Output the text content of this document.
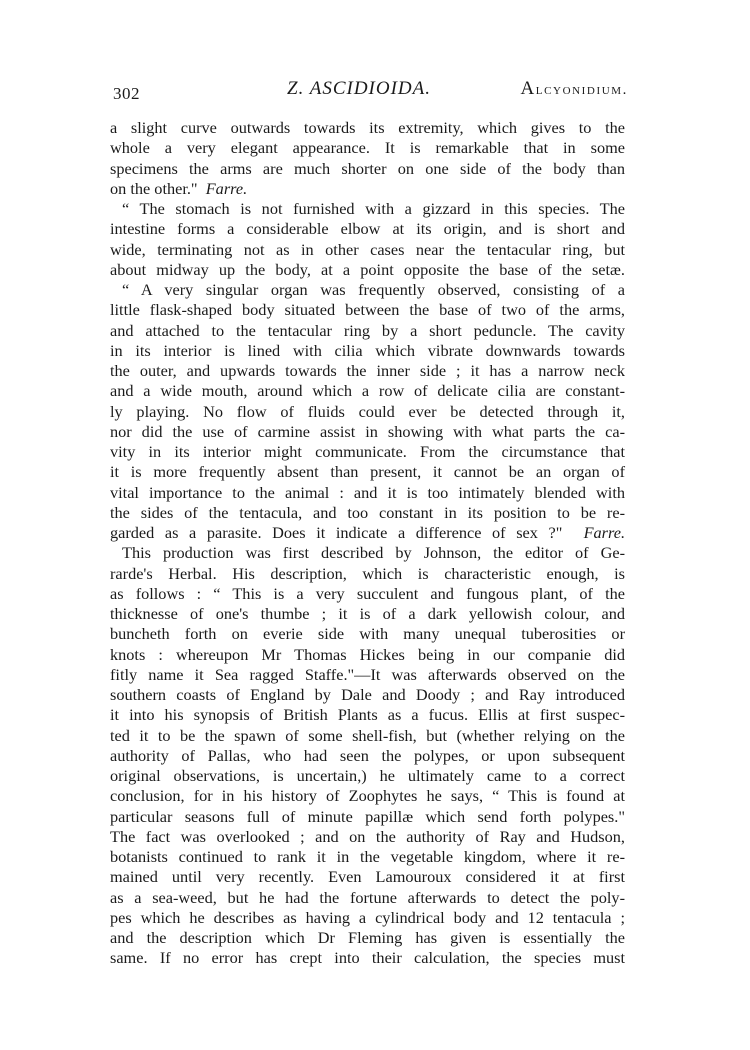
302	Z. ASCIDIOIDA.	Alcyonidium.
a slight curve outwards towards its extremity, which gives to the
whole a very elegant appearance. It is remarkable that in some
specimens the arms are much shorter on one side of the body than
on the other." Farre.
“ The stomach is not furnished with a gizzard in this species. The
intestine forms a considerable elbow at its origin, and is short and
wide, terminating not as in other cases near the tentacular ring, but
about midway up the body, at a point opposite the base of the setæ.
“ A very singular organ was frequently observed, consisting of a
little flask-shaped body situated between the base of two of the arms,
and attached to the tentacular ring by a short peduncle. The cavity
in its interior is lined with cilia which vibrate downwards towards
the outer, and upwards towards the inner side ; it has a narrow neck
and a wide mouth, around which a row of delicate cilia are constant-
ly playing. No flow of fluids could ever be detected through it,
nor did the use of carmine assist in showing with what parts the ca-
vity in its interior might communicate. From the circumstance that
it is more frequently absent than present, it cannot be an organ of
vital importance to the animal : and it is too intimately blended with
the sides of the tentacula, and too constant in its position to be re-
garded as a parasite. Does it indicate a difference of sex ?" Farre.
This production was first described by Johnson, the editor of Ge-
rarde's Herbal. His description, which is characteristic enough, is
as follows : “ This is a very succulent and fungous plant, of the
thicknesse of one's thumbe ; it is of a dark yellowish colour, and
buncheth forth on everie side with many unequal tuberosities or
knots : whereupon Mr Thomas Hickes being in our companie did
fitly name it Sea ragged Staffe."—It was afterwards observed on the
southern coasts of England by Dale and Doody ; and Ray introduced
it into his synopsis of British Plants as a fucus. Ellis at first suspec-
ted it to be the spawn of some shell-fish, but (whether relying on the
authority of Pallas, who had seen the polypes, or upon subsequent
original observations, is uncertain,) he ultimately came to a correct
conclusion, for in his history of Zoophytes he says, “ This is found at
particular seasons full of minute papillæ which send forth polypes."
The fact was overlooked ; and on the authority of Ray and Hudson,
botanists continued to rank it in the vegetable kingdom, where it re-
mained until very recently. Even Lamouroux considered it at first
as a sea-weed, but he had the fortune afterwards to detect the poly-
pes which he describes as having a cylindrical body and 12 tentacula ;
and the description which Dr Fleming has given is essentially the
same. If no error has crept into their calculation, the species must
